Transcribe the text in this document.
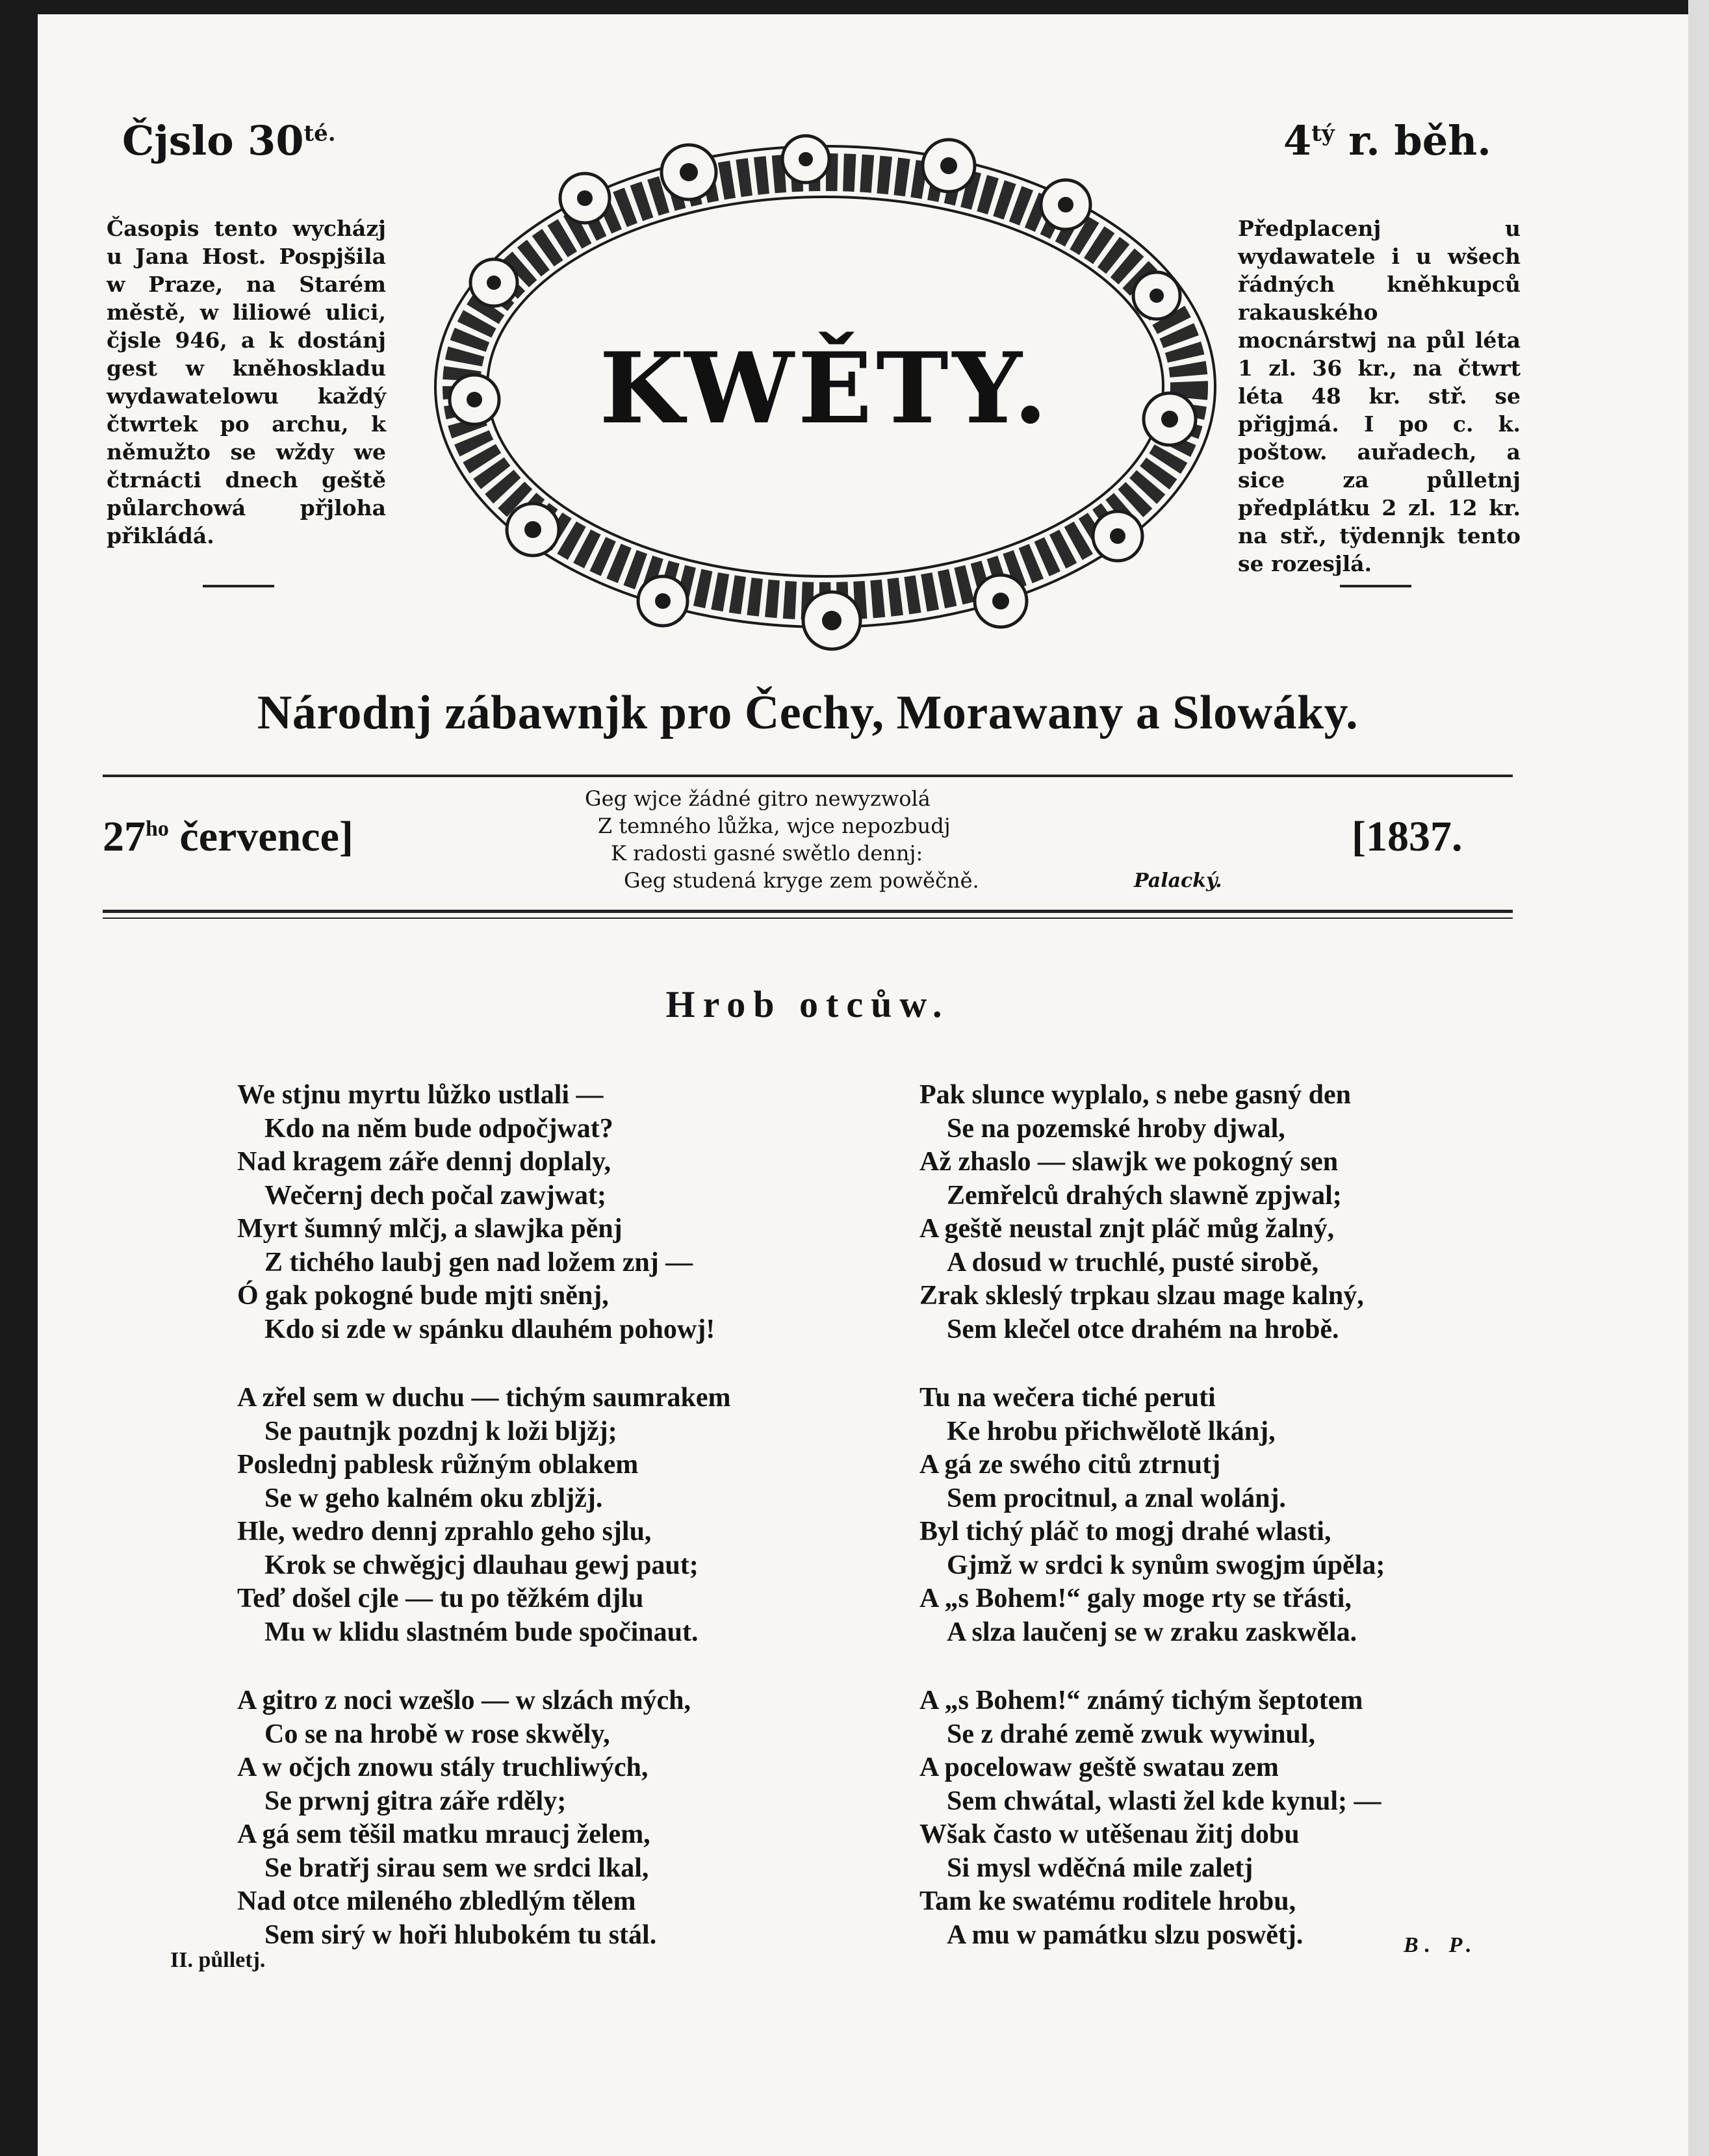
Čjslo $30^{té.}$	$4^{tý}$ r. běh.
Časopis tento wycházj u Jana Host. Pospjšila w Praze, na Starém městě, w liliowé ulici, čjsle 946, a k dostánj gest w kněhoskladu wydawatelowu každý čtwrtek po archu, k němužto se wždy we čtrnácti dnech geště půlarchowá přjloha přikládá.
Předplacenj u wydawatele i u wšech řádných kněhkupců rakauského mocnárstwj na půl léta 1 zl. 36 kr., na čtwrt léta 48 kr. stř. se přigjmá. I po c. k. poštow. auřadech, a sice za půlletnj předplátku 2 zl. 12 kr. na stř., tÿdennjk tento se rozesjlá.
KWĚTY.
Národnj zábawnjk pro Čechy, Morawany a Slowáky.
$27^{ho}$ července]
Geg wjce žádné gitro newyzwolá
Z temného lůžka, wjce nepozbudj
K radosti gasné swětlo dennj:
Geg studená kryge zem powěčně.	Palacký.
[1837.
Hrob otcůw.
We stjnu myrtu lůžko ustlali —
Kdo na něm bude odpočjwat?
Nad kragem záře dennj doplaly,
Wečernj dech počal zawjwat;
Myrt šumný mlčj, a slawjka pěnj
Z tichého laubj gen nad ložem znj —
Ó gak pokogné bude mjti sněnj,
Kdo si zde w spánku dlauhém pohowj!
A zřel sem w duchu — tichým saumrakem
Se pautnjk pozdnj k loži blјžj;
Poslednj pablesk růžným oblakem
Se w geho kalném oku zbljžj.
Hle, wedro dennj zprahlo geho sjlu,
Krok se chwěgjcj dlauhau gewj paut;
Teď došel cjle — tu po těžkém djlu
Mu w klidu slastném bude spočinaut.
A gitro z noci wzešlo — w slzách mých,
Co se na hrobě w rose skwěly,
A w očjch znowu stály truchliwých,
Se prwnj gitra záře rděly;
A gá sem těšil matku mraucj želem,
Se bratřj sirau sem we srdci lkal,
Nad otce mileného zbledlým tělem
Sem sirý w hoři hlubokém tu stál.
Pak slunce wyplalo, s nebe gasný den
Se na pozemské hroby djwal,
Až zhaslo — slawjk we pokogný sen
Zemřelců drahých slawně zpjwal;
A geště neustal znjt pláč můg žalný,
A dosud w truchlé, pusté sirobě,
Zrak skleslý trpkau slzau mage kalný,
Sem klečel otce drahém na hrobě.
Tu na wečera tiché peruti
Ke hrobu přichwělotě lkánj,
A gá ze swého citů ztrnutj
Sem procitnul, a znal wolánj.
Byl tichý pláč to mogj drahé wlasti,
Gjmž w srdci k synům swogjm úpěla;
A „s Bohem!“ galy moge rty se třásti,
A slza laučenj se w zraku zaskwěla.
A „s Bohem!“ známý tichým šeptotem
Se z drahé země zwuk wywinul,
A pocelowaw geště swatau zem
Sem chwátal, wlasti žel kde kynul; —
Wšak často w utěšenau žitj dobu
Si mysl wděčná mile zaletj
Tam ke swatému roditele hrobu,
A mu w památku slzu poswětj.	B. P.
II. půlletj.
